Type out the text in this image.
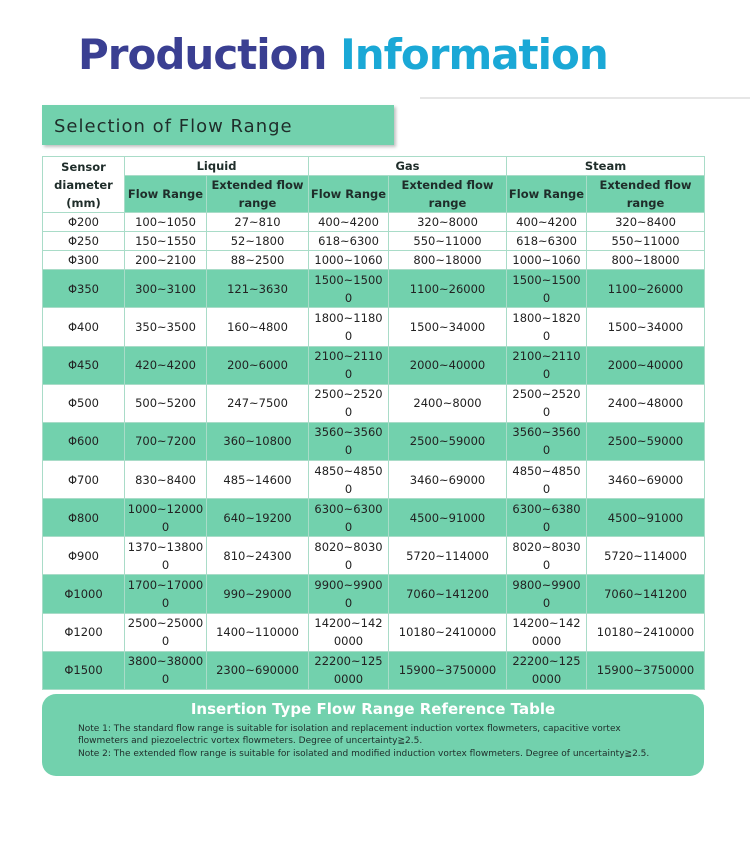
Production Information
Selection of Flow Range
Sensor
diameter
(mm)	Liquid		Gas		Steam	
	Flow Range	Extended flow range	Flow Range	Extended flow range	Flow Range	Extended flow range

Φ200	100~1050	27~810	400~4200	320~8000	400~4200	320~8400
Φ250	150~1550	52~1800	618~6300	550~11000	618~6300	550~11000
Φ300	200~2100	88~2500	1000~1060	800~18000	1000~1060	800~18000
Φ350	300~3100	121~3630	1500~15000	1100~26000	1500~15000	1100~26000
Φ400	350~3500	160~4800	1800~11800	1500~34000	1800~18200	1500~34000
Φ450	420~4200	200~6000	2100~21100	2000~40000	2100~21100	2000~40000
Φ500	500~5200	247~7500	2500~25200	2400~8000	2500~25200	2400~48000
Φ600	700~7200	360~10800	3560~35600	2500~59000	3560~35600	2500~59000
Φ700	830~8400	485~14600	4850~48500	3460~69000	4850~48500	3460~69000
Φ800	1000~120000	640~19200	6300~63000	4500~91000	6300~63800	4500~91000
Φ900	1370~138000	810~24300	8020~80300	5720~114000	8020~80300	5720~114000
Φ1000	1700~170000	990~29000	9900~99000	7060~141200	9800~99000	7060~141200
Φ1200	2500~250000	1400~110000	14200~1420000	10180~2410000	14200~1420000	10180~2410000
Φ1500	3800~380000	2300~690000	22200~1250000	15900~3750000	22200~1250000	15900~3750000
Insertion Type Flow Range Reference Table
Note 1: The standard flow range is suitable for isolation and replacement induction vortex flowmeters, capacitive vortex flowmeters and piezoelectric vortex flowmeters. Degree of uncertainty≧2.5.
Note 2: The extended flow range is suitable for isolated and modified induction vortex flowmeters. Degree of uncertainty≧2.5.
